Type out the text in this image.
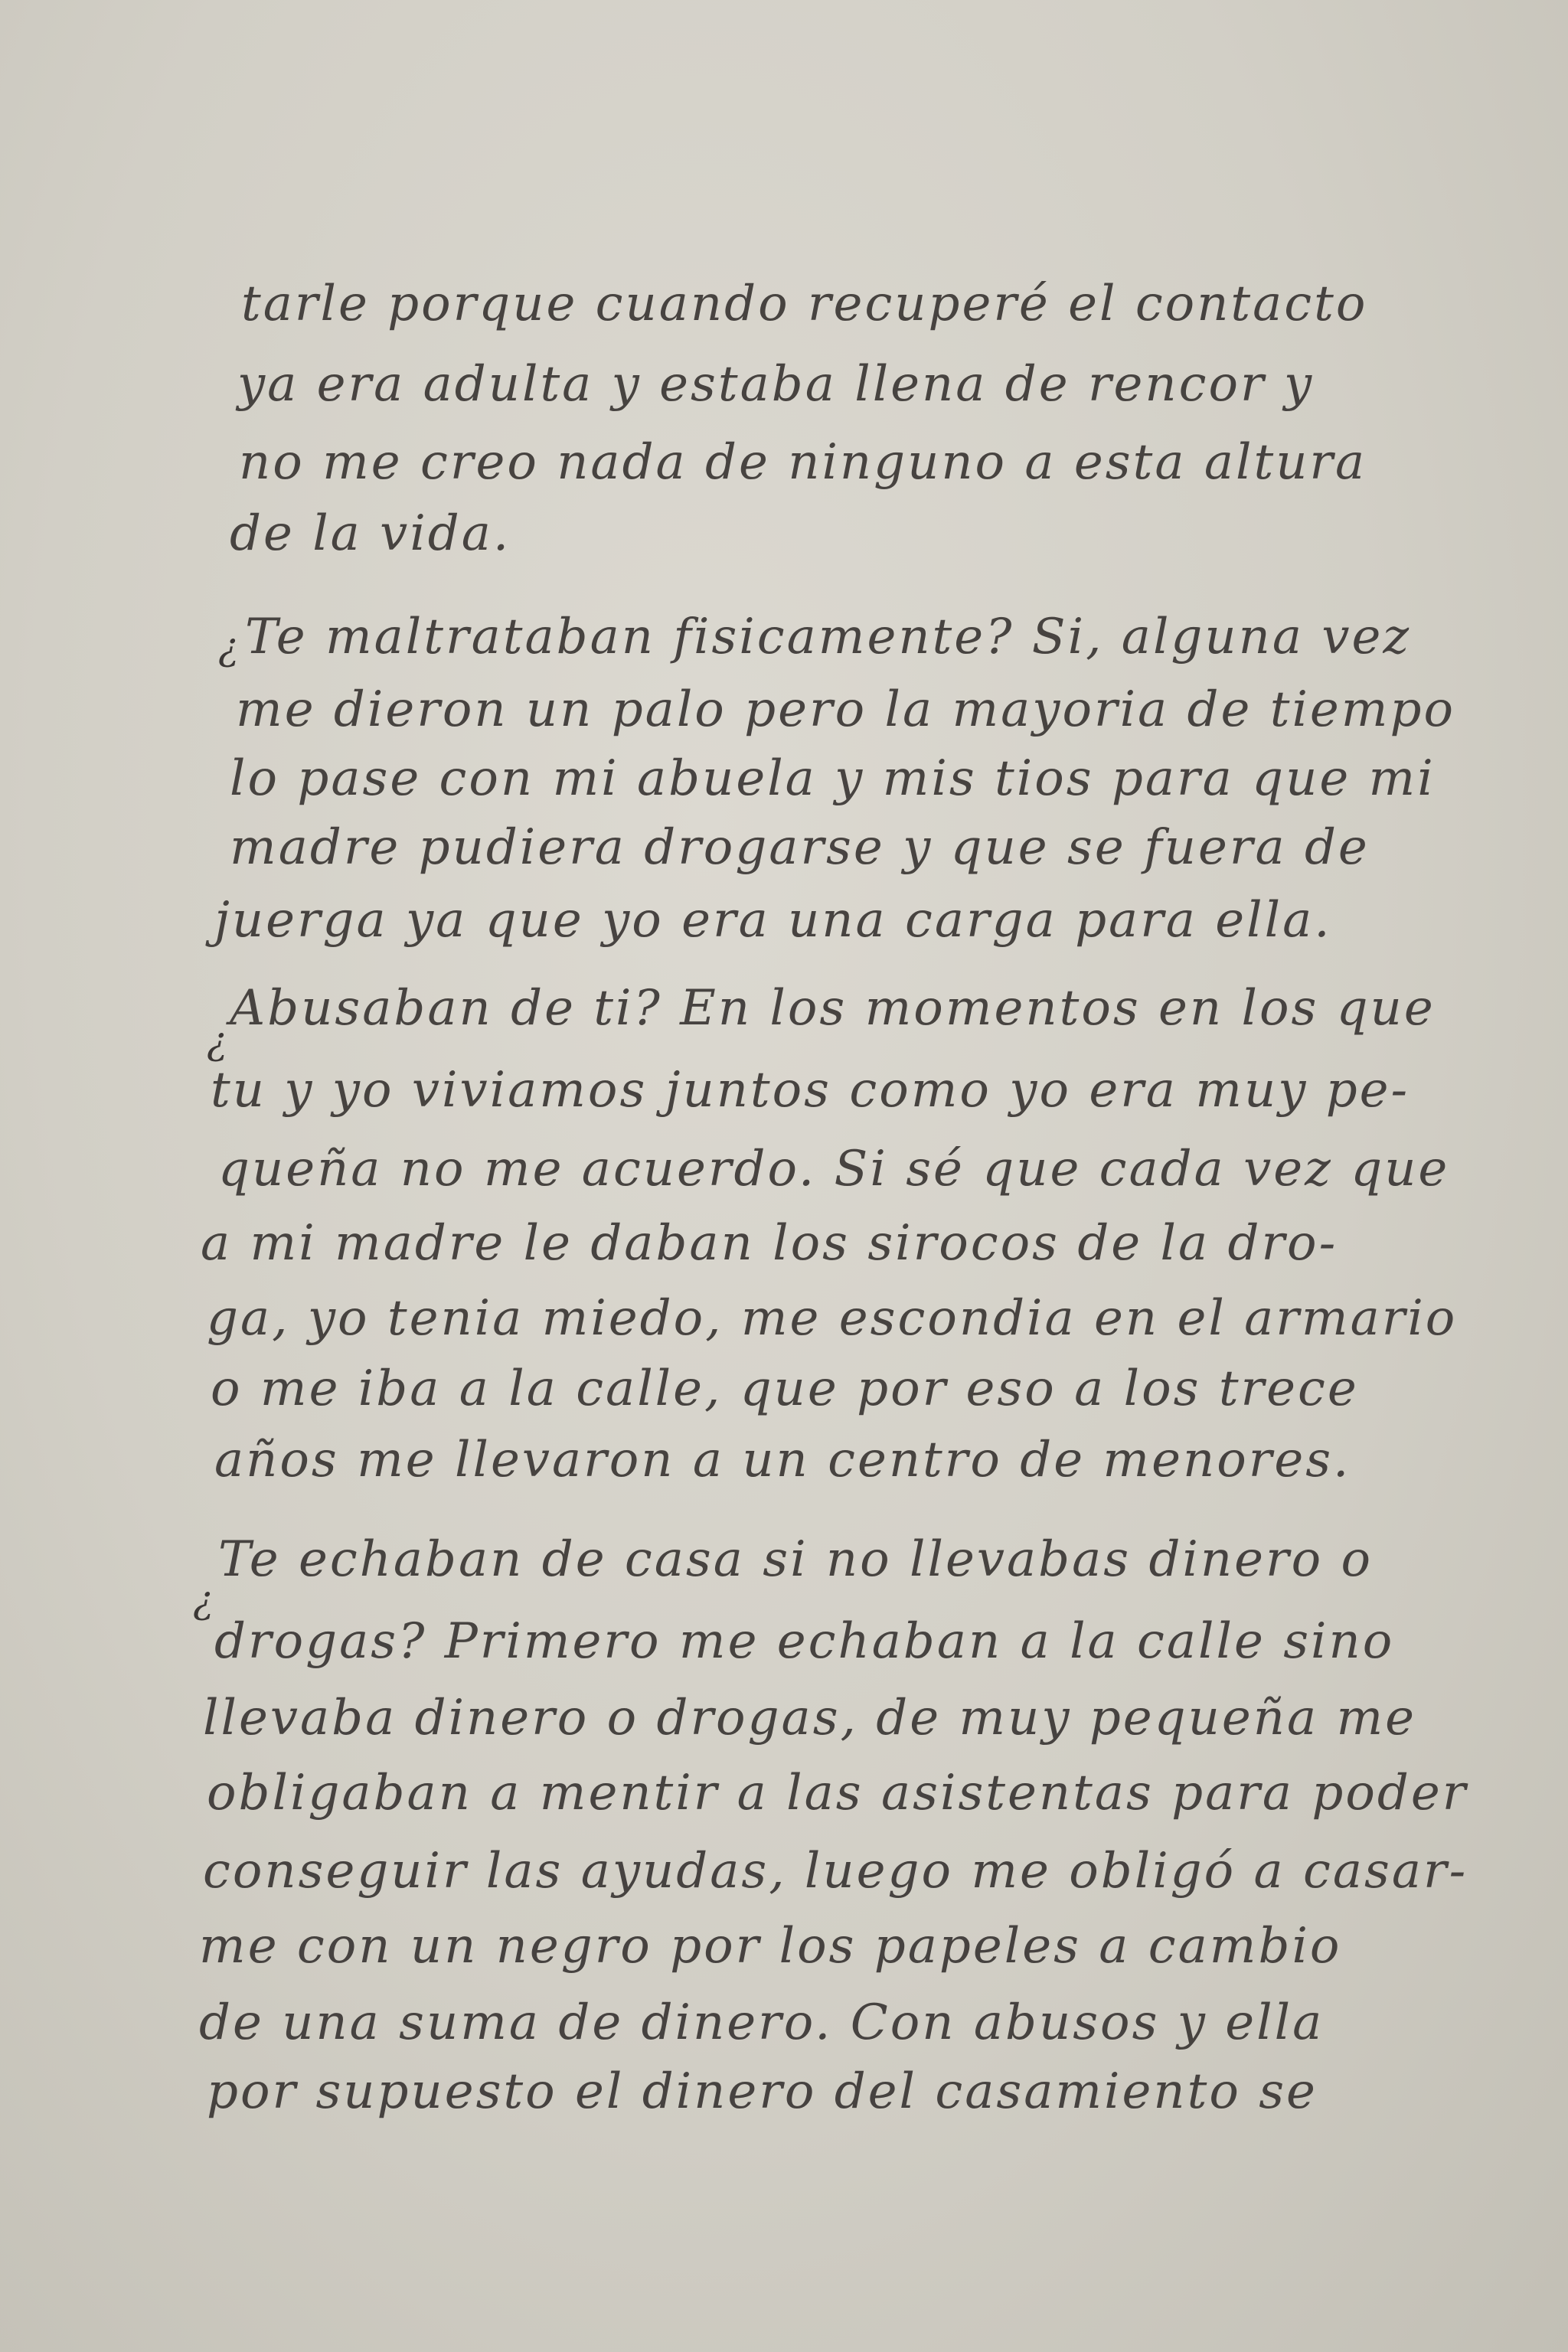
tarle porque cuando recuperé el contacto
ya era adulta y estaba llena de rencor y
no me creo nada de ninguno a esta altura
de la vida.
¿ Te maltrataban fisicamente? Si, alguna vez
me dieron un palo pero la mayoria de tiempo
lo pase con mi abuela y mis tios para que mi
madre pudiera drogarse y que se fuera de
juerga ya que yo era una carga para ella.
¿
Abusaban de ti? En los momentos en los que
tu y yo viviamos juntos como yo era muy pe-
queña no me acuerdo. Si sé que cada vez que
a mi madre le daban los sirocos de la dro-
ga, yo tenia miedo, me escondia en el armario
o me iba a la calle, que por eso a los trece
años me llevaron a un centro de menores.
¿
Te echaban de casa si no llevabas dinero o
drogas? Primero me echaban a la calle sino
llevaba dinero o drogas, de muy pequeña me
obligaban a mentir a las asistentas para poder
conseguir las ayudas, luego me obligó a casar-
me con un negro por los papeles a cambio
de una suma de dinero. Con abusos y ella
por supuesto el dinero del casamiento se
